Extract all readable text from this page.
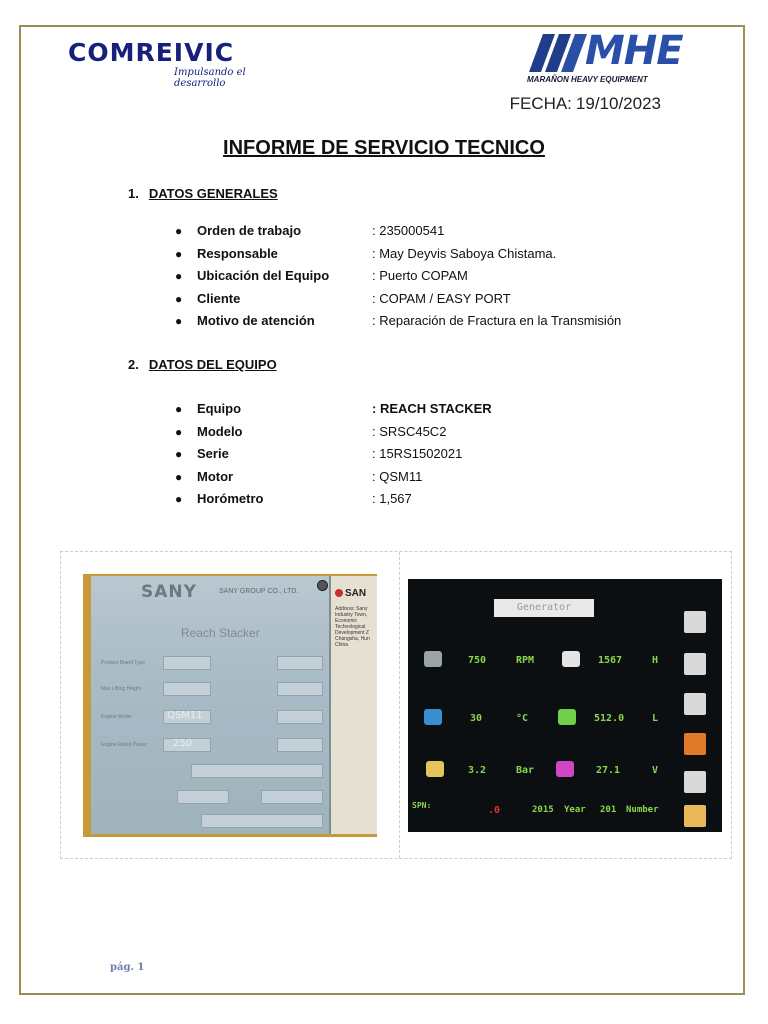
COMREIVIC
Impulsando el desarrollo
MHE
MARAÑON HEAVY EQUIPMENT
FECHA: 19/10/2023
INFORME DE SERVICIO TECNICO
1. DATOS GENERALES
● Orden de trabajo	: 235000541
● Responsable	: May Deyvis Saboya Chistama.
● Ubicación del Equipo	: Puerto COPAM
● Cliente	: COPAM / EASY PORT
● Motivo de atención	: Reparación de Fractura en la Transmisión
2. DATOS DEL EQUIPO
● Equipo	: REACH STACKER
● Modelo	: SRSC45C2
● Serie	: 15RS1502021
● Motor	: QSM11
● Horómetro	: 1,567
SANY	SANY GROUP CO., LTD.
Reach Stacker
Product Brand Type
Max Lifting Height
Engine Model	QSM11
Engine Rated Power	250
SAN
Address: Sany Industry Town, Economic Technological Development Z Changsha, Hun China
Generator
750	RPM	1567	H
30	°C	512.0	L
3.2	Bar	27.1	V
SPN:	.0	2015 Year 201 Number
pág. 1
